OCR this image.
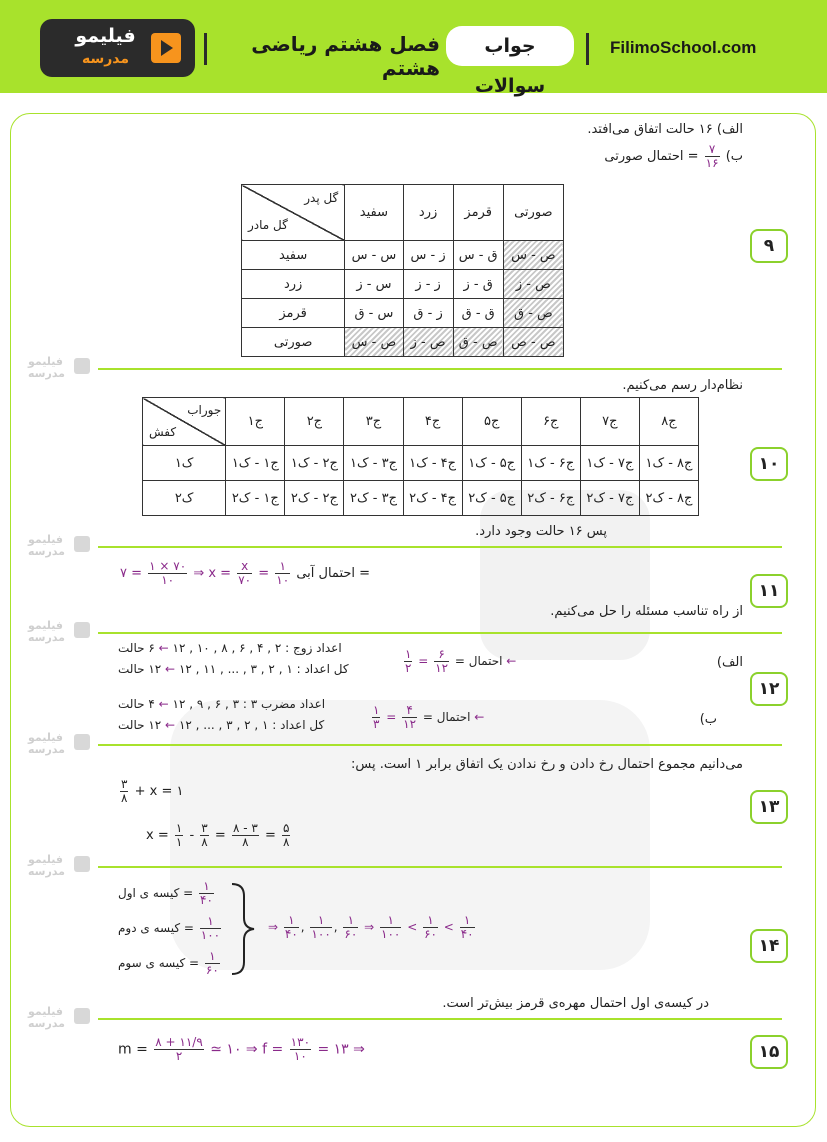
فیلیمو
مدرسه
فصل هشتم ریاضی هشتم
جواب سوالات
FilimoSchool.com
الف) ۱۶ حالت اتفاق می‌افتد.
ب)
$\frac{۷}{۱۶}$
= احتمال صورتی
صورتی	قرمز	زرد	سفید	گل پدر
گل مادر

ص - س	ق - س	ز - س	س - س	سفید
ص - ز	ق - ز	ز - ز	س - ز	زرد
ص - ق	ق - ق	ز - ق	س - ق	قرمز
ص - ص	ص - ق	ص - ز	ص - س	صورتی
۹
فیلیمو
مدرسه
نظام‌دار رسم می‌کنیم.
ج۸	ج۷	ج۶	ج۵	ج۴	ج۳	ج۲	ج۱	جوراب
کفش

ج۸ - ک۱	ج۷ - ک۱	ج۶ - ک۱	ج۵ - ک۱	ج۴ - ک۱	ج۳ - ک۱	ج۲ - ک۱	ج۱ - ک۱	ک۱
ج۸ - ک۲	ج۷ - ک۲	ج۶ - ک۲	ج۵ - ک۲	ج۴ - ک۲	ج۳ - ک۲	ج۲ - ک۲	ج۱ - ک۲	ک۲
۱۰
پس ۱۶ حالت وجود دارد.
فیلیمو
مدرسه
= احتمال آبی
$\frac{۱}{۱۰}$
=
$\frac{x}{۷۰}$
⇒ x =
$\frac{۷۰ \times ۱}{۱۰}$
= ۷
۱۱
از راه تناسب مسئله را حل می‌کنیم.
فیلیمو
مدرسه
الف)
اعداد زوج : ۲ , ۴ , ۶ , ۸ , ۱۰ , ۱۲ ← ۶ حالت
کل اعداد : ۱ , ۲ , ۳ , ... , ۱۱ , ۱۲ ← ۱۲ حالت
← احتمال =
$\frac{۶}{۱۲}$
=
$\frac{۱}{۲}$
۱۲
ب)
اعداد مضرب ۳ : ۳ , ۶ , ۹ , ۱۲ ← ۴ حالت
کل اعداد : ۱ , ۲ , ۳ , ... , ۱۲ ← ۱۲ حالت
← احتمال =
$\frac{۴}{۱۲}$
=
$\frac{۱}{۳}$
فیلیمو
مدرسه
می‌دانیم مجموع احتمال رخ دادن و رخ ندادن یک اتفاق برابر ۱ است. پس:
$\frac{۳}{۸} + x$ = ۱
$x = \frac{۱}{۱} - \frac{۳}{۸} = \frac{۸ - ۳}{۸} = \frac{۵}{۸}$
۱۳
فیلیمو
مدرسه
$\frac{۱}{۴۰}$
= کیسه ی اول
$\frac{۱}{۱۰۰}$
= کیسه ی دوم
$\frac{۱}{۶۰}$
= کیسه ی سوم
⇒ $\frac{۱}{۴۰}$ , $\frac{۱}{۱۰۰}$ , $\frac{۱}{۶۰}$ ⇒ $\frac{۱}{۱۰۰} < \frac{۱}{۶۰} < \frac{۱}{۴۰}$
۱۴
در کیسه‌ی اول احتمال مهره‌ی قرمز بیش‌تر است.
فیلیمو
مدرسه
$m = \frac{۸ + ۱۱/۹}{۲}$ ≃ ۱۰ ⇒ $f = \frac{۱۳۰}{۱۰}$ = ۱۳ ⇒	۱۵
